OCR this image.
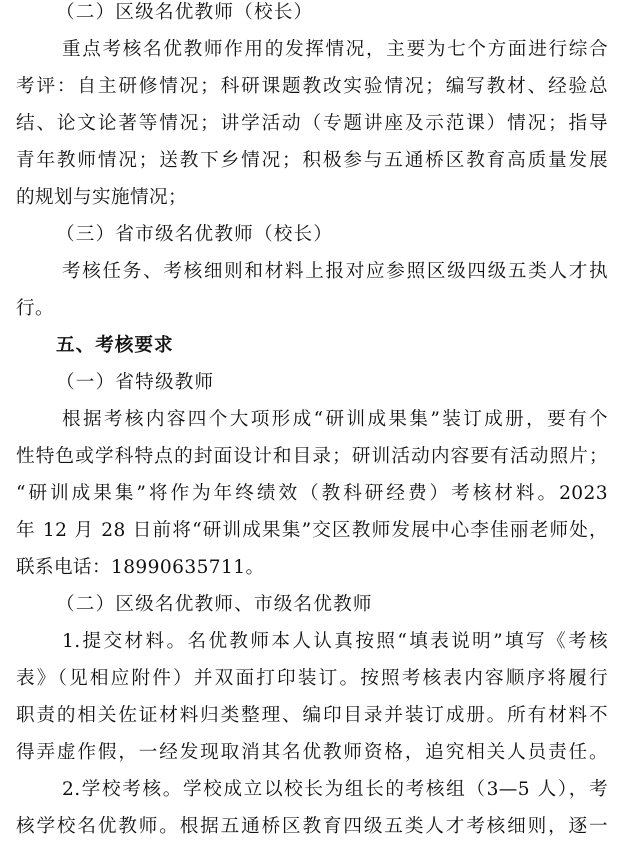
（二）区级名优教师（校长）
重点考核名优教师作用的发挥情况，主要为七个方面进行综合
考评：自主研修情况；科研课题教改实验情况；编写教材、经验总
结、论文论著等情况；讲学活动（专题讲座及示范课）情况；指导
青年教师情况；送教下乡情况；积极参与五通桥区教育高质量发展
的规划与实施情况；
（三）省市级名优教师（校长）
考核任务、考核细则和材料上报对应参照区级四级五类人才执
行。
五、考核要求
（一）省特级教师
根据考核内容四个大项形成“研训成果集”装订成册，要有个
性特色或学科特点的封面设计和目录；研训活动内容要有活动照片；
“研训成果集”将作为年终绩效（教科研经费）考核材料。2023
年 12 月 28 日前将“研训成果集”交区教师发展中心李佳丽老师处，
联系电话：18990635711。
（二）区级名优教师、市级名优教师
1.提交材料。名优教师本人认真按照“填表说明”填写《考核
表》（见相应附件）并双面打印装订。按照考核表内容顺序将履行
职责的相关佐证材料归类整理、编印目录并装订成册。所有材料不
得弄虚作假，一经发现取消其名优教师资格，追究相关人员责任。
2.学校考核。学校成立以校长为组长的考核组（3—5 人），考
核学校名优教师。根据五通桥区教育四级五类人才考核细则，逐一
